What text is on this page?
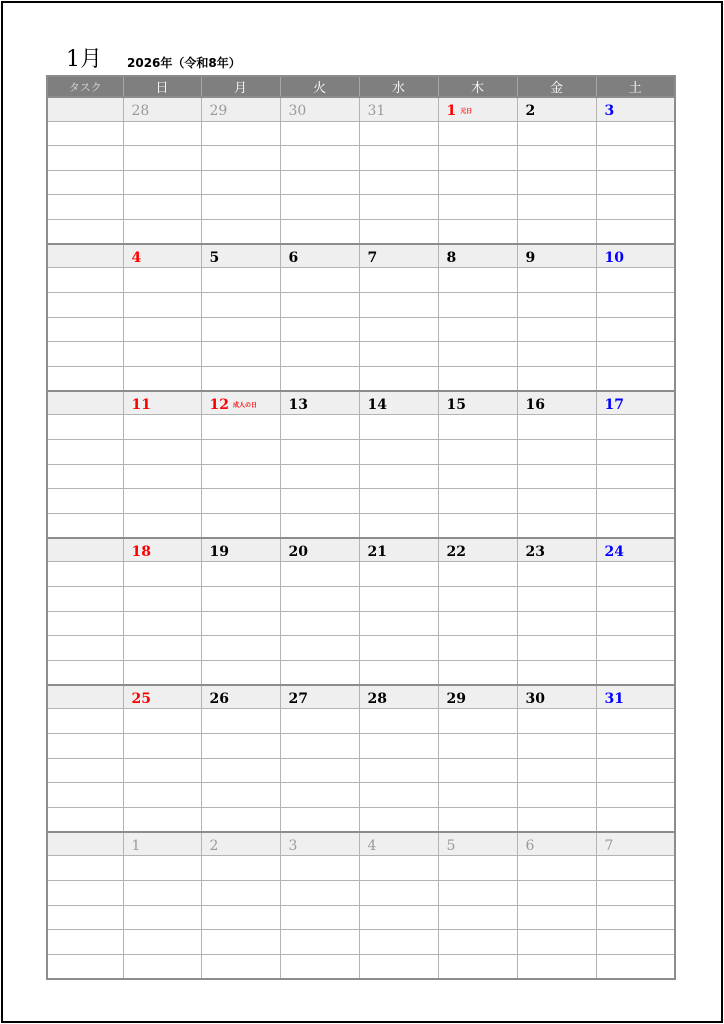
1月 2026年（令和8年）
タスク	日	月	火	水	木	金	土
	28	29	30	31	1 元日	2	3

	4	5	6	7	8	9	10

	11	12 成人の日	13	14	15	16	17

	18	19	20	21	22	23	24

	25	26	27	28	29	30	31

	1	2	3	4	5	6	7
